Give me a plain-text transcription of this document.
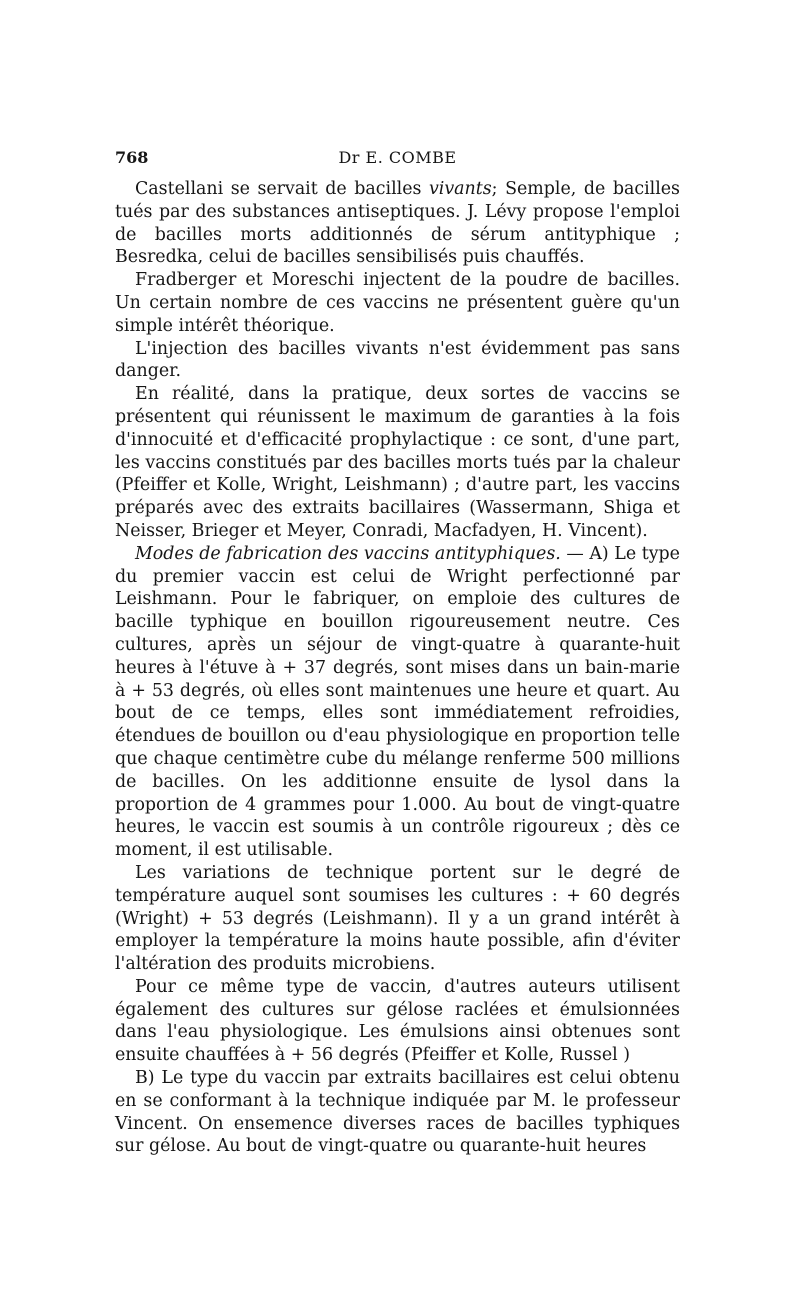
768	Dr E. COMBE

Castellani se servait de bacilles vivants; Semple, de bacilles tués par des substances antiseptiques. J. Lévy propose l'emploi de bacilles morts additionnés de sérum antityphique ; Besredka, celui de bacilles sensibilisés puis chauffés.

Fradberger et Moreschi injectent de la poudre de bacilles. Un certain nombre de ces vaccins ne présentent guère qu'un simple intérêt théorique.

L'injection des bacilles vivants n'est évidemment pas sans danger.

En réalité, dans la pratique, deux sortes de vaccins se présentent qui réunissent le maximum de garanties à la fois d'innocuité et d'efficacité prophylactique : ce sont, d'une part, les vaccins constitués par des bacilles morts tués par la chaleur (Pfeiffer et Kolle, Wright, Leishmann) ; d'autre part, les vaccins préparés avec des extraits bacillaires (Wassermann, Shiga et Neisser, Brieger et Meyer, Conradi, Macfadyen, H. Vincent).

Modes de fabrication des vaccins antityphiques. — A) Le type du premier vaccin est celui de Wright perfectionné par Leishmann. Pour le fabriquer, on emploie des cultures de bacille typhique en bouillon rigoureusement neutre. Ces cultures, après un séjour de vingt-quatre à quarante-huit heures à l'étuve à + 37 degrés, sont mises dans un bain-marie à + 53 degrés, où elles sont maintenues une heure et quart. Au bout de ce temps, elles sont immédiatement refroidies, étendues de bouillon ou d'eau physiologique en proportion telle que chaque centimètre cube du mélange renferme 500 millions de bacilles. On les additionne ensuite de lysol dans la proportion de 4 grammes pour 1.000. Au bout de vingt-quatre heures, le vaccin est soumis à un contrôle rigoureux ; dès ce moment, il est utilisable.

Les variations de technique portent sur le degré de température auquel sont soumises les cultures : + 60 degrés (Wright) + 53 degrés (Leishmann). Il y a un grand intérêt à employer la température la moins haute possible, afin d'éviter l'altération des produits microbiens.

Pour ce même type de vaccin, d'autres auteurs utilisent également des cultures sur gélose raclées et émulsionnées dans l'eau physiologique. Les émulsions ainsi obtenues sont ensuite chauffées à + 56 degrés (Pfeiffer et Kolle, Russel )

B) Le type du vaccin par extraits bacillaires est celui obtenu en se conformant à la technique indiquée par M. le professeur Vincent. On ensemence diverses races de bacilles typhiques sur gélose. Au bout de vingt-quatre ou quarante-huit heures
